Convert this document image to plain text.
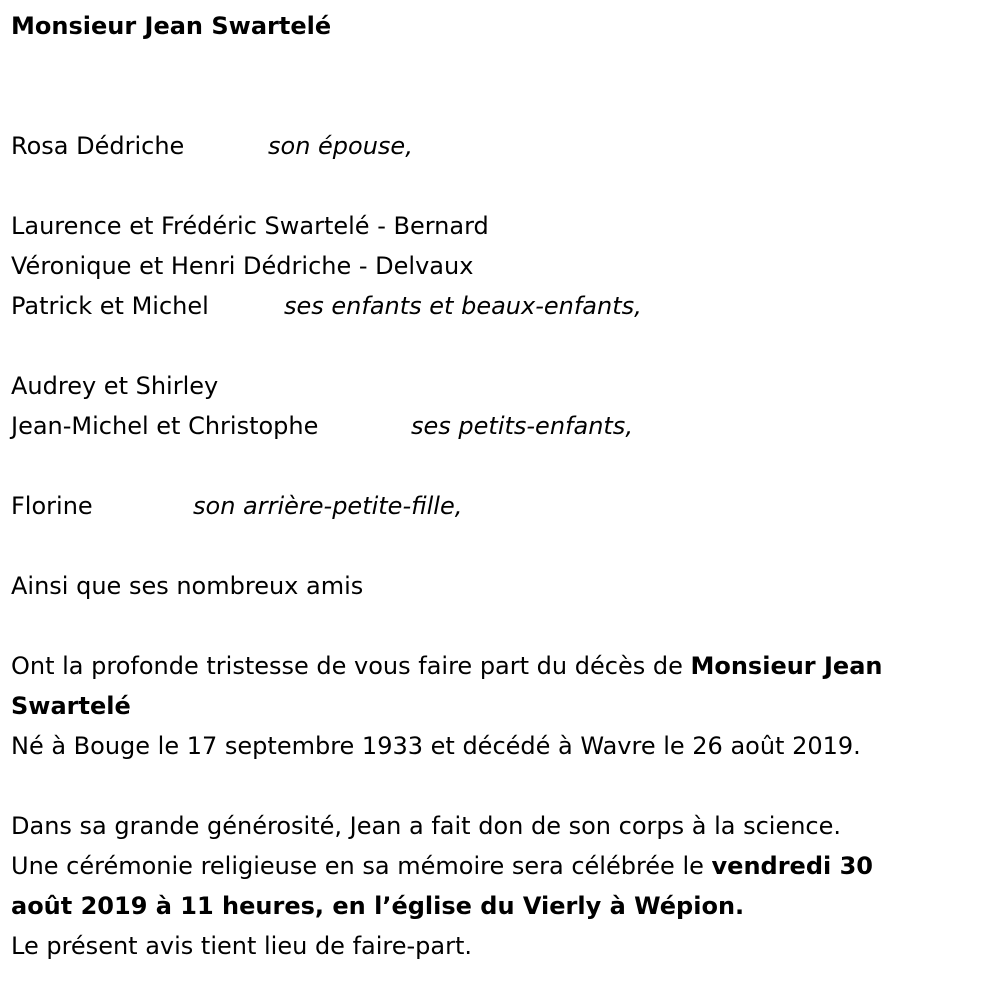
Monsieur Jean Swartelé
Rosa Dédriche	son épouse,
Laurence et Frédéric Swartelé - Bernard
Véronique et Henri Dédriche - Delvaux
Patrick et Michel	ses enfants et beaux-enfants,
Audrey et Shirley
Jean-Michel et Christophe	ses petits-enfants,
Florine	son arrière-petite-fille,
Ainsi que ses nombreux amis
Ont la profonde tristesse de vous faire part du décès de Monsieur Jean
Swartelé
Né à Bouge le 17 septembre 1933 et décédé à Wavre le 26 août 2019.
Dans sa grande générosité, Jean a fait don de son corps à la science.
Une cérémonie religieuse en sa mémoire sera célébrée le vendredi 30
août 2019 à 11 heures, en l’église du Vierly à Wépion.
Le présent avis tient lieu de faire-part.
